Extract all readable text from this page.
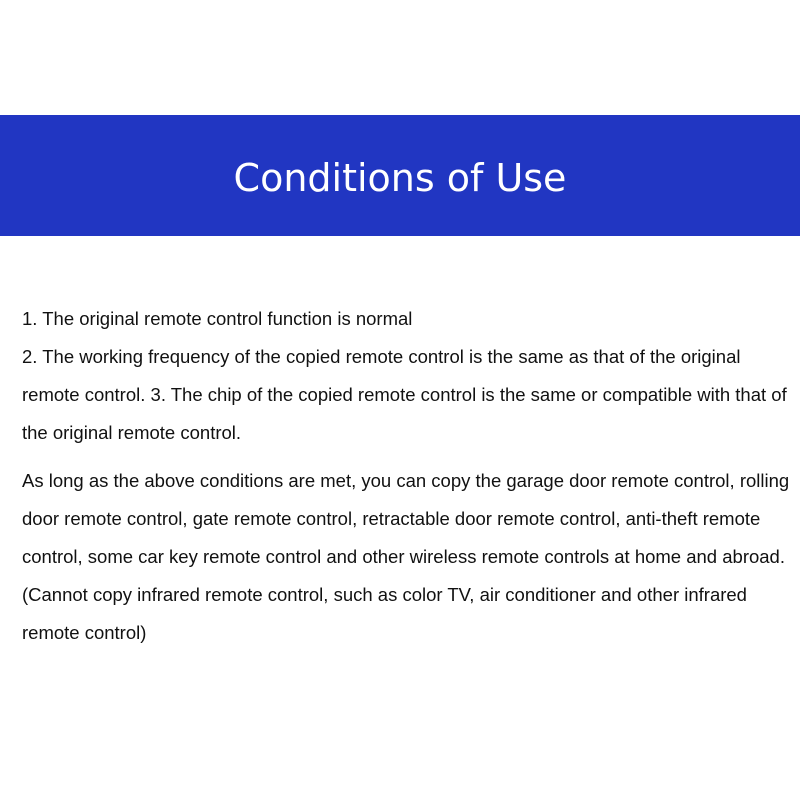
Conditions of Use

1. The original remote control function is normal

2. The working frequency of the copied remote control is the same as that of the original remote control. 3. The chip of the copied remote control is the same or compatible with that of the original remote control.

As long as the above conditions are met, you can copy the garage door remote control, rolling door remote control, gate remote control, retractable door remote control, anti-theft remote control, some car key remote control and other wireless remote controls at home and abroad. (Cannot copy infrared remote control, such as color TV, air conditioner and other infrared remote control)
